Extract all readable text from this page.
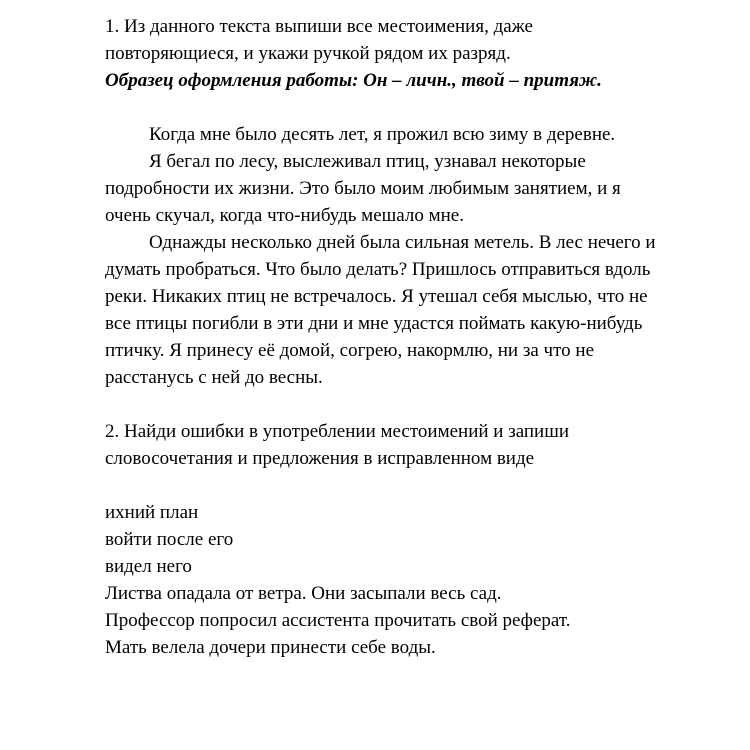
1. Из данного текста выпиши все местоимения, даже повторяющиеся, и укажи ручкой рядом их разряд.

Образец оформления работы: Он – личн., твой – притяж.

Когда мне было десять лет, я прожил всю зиму в деревне.

Я бегал по лесу, выслеживал птиц, узнавал некоторые подробности их жизни. Это было моим любимым занятием, и я очень скучал, когда что-нибудь мешало мне.

Однажды несколько дней была сильная метель. В лес нечего и думать пробраться. Что было делать? Пришлось отправиться вдоль реки. Никаких птиц не встречалось. Я утешал себя мыслью, что не все птицы погибли в эти дни и мне удастся поймать какую-нибудь птичку. Я принесу её домой, согрею, накормлю, ни за что не расстанусь с ней до весны.

2. Найди ошибки в употреблении местоимений и запиши словосочетания и предложения в исправленном виде

ихний план

войти после его

видел него

Листва опадала от ветра. Они засыпали весь сад.

Профессор попросил ассистента прочитать свой реферат.

Мать велела дочери принести себе воды.
